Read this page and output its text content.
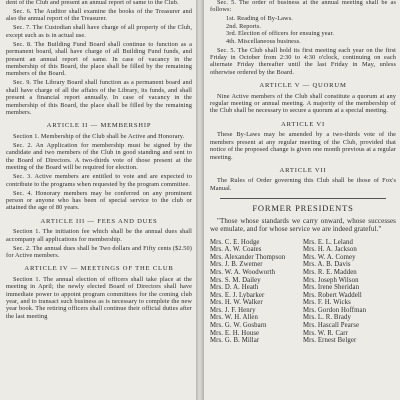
dent of the Club and present an annual report of same to the Club.

Sec. 6. The Auditor shall examine the books of the Treasurer and also the annual report of the Treasurer.

Sec. 7. The Custodian shall have charge of all property of the Club, except such as is in actual use.

Sec. 8. The Building Fund Board shall continue to function as a permanent board, shall have charge of all Building Fund funds, and present an annual report of same. In case of vacancy in the membership of this Board, the place shall be filled by the remaining members of the Board.

Sec. 9. The Library Board shall function as a permanent board and shall have charge of all the affairs of the Library, its funds, and shall present a financial report annually. In case of vacancy in the membership of this Board, the place shall be filled by the remaining members.

ARTICLE II — MEMBERSHIP

Section 1. Membership of the Club shall be Active and Honorary.

Sec. 2. An Application for membership must be signed by the candidate and two members of the Club in good standing and sent to the Board of Directors. A two-thirds vote of those present at the meeting of the Board will be required for election.

Sec. 3. Active members are entitled to vote and are expected to contribute to the programs when requested by the program committee.

Sec. 4. Honorary members may be conferred on any prominent person or anyone who has been of special service to the club or attained the age of 80 years.

ARTICLE III — FEES AND DUES

Section 1. The initiation fee which shall be the annual dues shall accompany all applications for membership.

Sec. 2. The annual dues shall be Two dollars and Fifty cents ($2.50) for Active members.

ARTICLE IV — MEETINGS OF THE CLUB

Section 1. The annual election of officers shall take place at the meeting in April; the newly elected Board of Directors shall have immediate power to appoint program committees for the coming club year, and to transact such business as is necessary to complete the new year book. The retiring officers shall continue their official duties after the last meeting

Sec. 5. The order of business at the annual meeting shall be as follows:

1st. Reading of By-Laws.
2nd. Reports.
3rd. Election of officers for ensuing year.
4th. Miscellaneous business.

Sec. 5. The Club shall hold its first meeting each year on the first Friday in October from 2:30 to 4:30 o'clock, continuing on each alternate Friday thereafter until the last Friday in May, unless otherwise ordered by the Board.

ARTICLE V — QUORUM

Nine Active members of the Club shall constitute a quorum at any regular meeting or annual meeting. A majority of the membership of the Club shall be necessary to secure a quorum at a special meeting.

ARTICLE VI

These By-Laws may be amended by a two-thirds vote of the members present at any regular meeting of the Club, provided that notice of the proposed change is given one month previous at a regular meeting.

ARTICLE VII

The Rules of Order governing this Club shall be those of Fox's Manual.

FORMER PRESIDENTS
"Those whose standards we carry onward, whose successes we emulate, and for whose service we are indeed grateful."
Mrs. C. E. Hodge
Mrs. A. W. Coates
Mrs. Alexander Thompson
Mrs. J. B. Zwemer
Mrs. W. A. Woodworth
Mrs. S. M. Dailey
Mrs. D. A. Heath
Mrs. E. J. Lybarker
Mrs. H. W. Walker
Mrs. J. F. Henry
Mrs. W. H. Allen
Mrs. G. W. Gosbarn
Mrs. E. H. House
Mrs. G. B. Millar
Mrs. E. L. Leland
Mrs. H. A. Jackson
Mrs. W. A. Comey
Mrs. A. B. Davis
Mrs. R. E. Madden
Mrs. Joseph Wilson
Mrs. Irene Sheridan
Mrs. Robert Waddell
Mrs. F. H. Wicks
Mrs. Gordon Hoffman
Mrs. L. R. Brady
Mrs. Hascall Pearse
Mrs. W. R. Carr
Mrs. Ernest Belger
